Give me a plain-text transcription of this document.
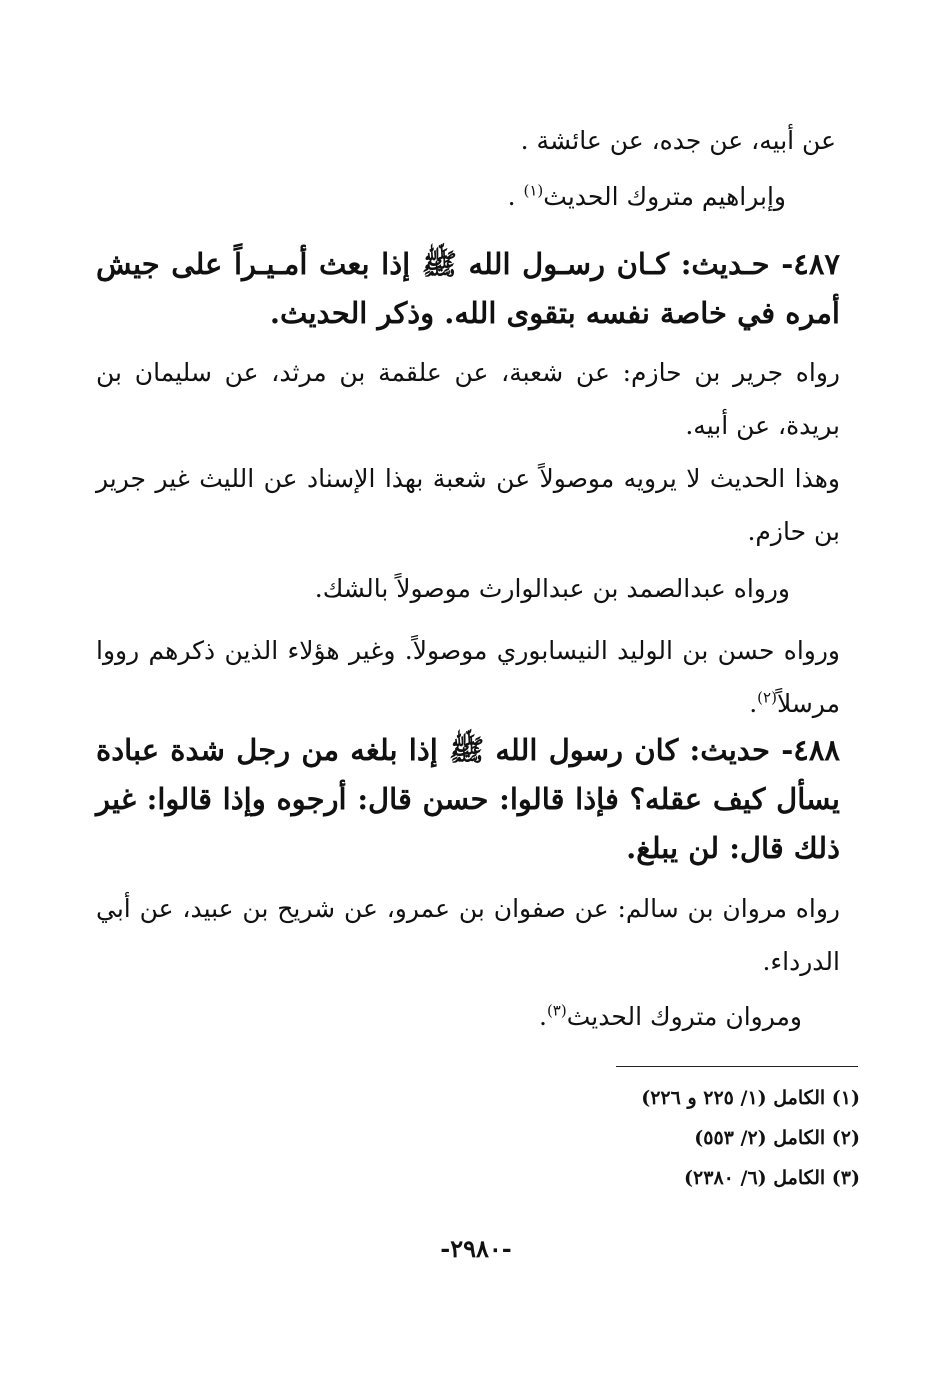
عن أبيه، عن جده، عن عائشة .

وإبراهيم متروك الحديث$^{(١)}$ .

٤٨٧- حـديث: كـان رسـول الله ﷺ إذا بعث أمـيـراً على جيش أمره في خاصة نفسه بتقوى الله. وذكر الحديث.

رواه جرير بن حازم: عن شعبة، عن علقمة بن مرثد، عن سليمان بن بريدة، عن أبيه.

وهذا الحديث لا يرويه موصولاً عن شعبة بهذا الإسناد عن الليث غير جرير بن حازم.

ورواه عبدالصمد بن عبدالوارث موصولاً بالشك.

ورواه حسن بن الوليد النيسابوري موصولاً. وغير هؤلاء الذين ذكرهم رووا مرسلاً$^{(٢)}$.

٤٨٨- حديث: كان رسول الله ﷺ إذا بلغه من رجل شدة عبادة يسأل كيف عقله؟ فإذا قالوا: حسن قال: أرجوه وإذا قالوا: غير ذلك قال: لن يبلغ.

رواه مروان بن سالم: عن صفوان بن عمرو، عن شريح بن عبيد، عن أبي الدرداء.

ومروان متروك الحديث$^{(٣)}$.

(١) الكامل (١/ ٢٢٥ و ٢٢٦)

(٢) الكامل (٢/ ٥٥٣)

(٣) الكامل (٦/ ٢٣٨٠)

-٢٩٨٠-
